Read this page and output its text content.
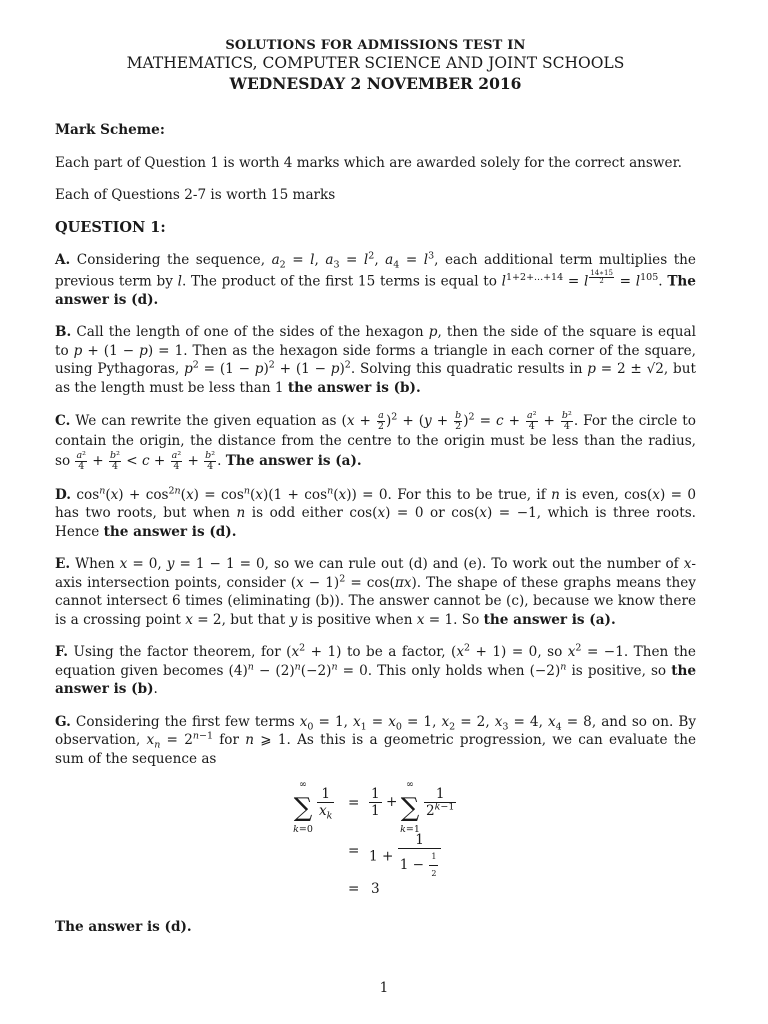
SOLUTIONS FOR ADMISSIONS TEST IN
MATHEMATICS, COMPUTER SCIENCE AND JOINT SCHOOLS
WEDNESDAY 2 NOVEMBER 2016
Mark Scheme:

Each part of Question 1 is worth 4 marks which are awarded solely for the correct answer.

Each of Questions 2-7 is worth 15 marks

QUESTION 1:

A. Considering the sequence, $a_2 = l$, $a_3 = l^2$, $a_4 = l^3$, each additional term multiplies the previous term by l. The product of the first 15 terms is equal to $l^{1+2+...+14} = l$ $^{\frac{14∗15}{2}} = l^{105}$. The answer is (d).

B. Call the length of one of the sides of the hexagon p, then the side of the square is equal to p + (1 − p) = 1. Then as the hexagon side forms a triangle in each corner of the square, using Pythagoras, $p^2 = (1 - p)^2 + (1 - p)^2$. Solving this quadratic results in p = 2 ± √2, but as the length must be less than 1 the answer is (b).

C. We can rewrite the given equation as $(x + \frac{a}{2} )^2 + (y + \frac{b}{2} )^2 = c + \frac{\text{a²}}{4} + \frac{\text{b²}}{4}$ . For the circle to contain the origin, the distance from the centre to the origin must be less than the radius, so $\frac{\text{a²}}{4} + \frac{\text{b²}}{4} < c + \frac{\text{a²}}{4} + \frac{\text{b²}}{4}$ . The answer is (a).

D. $\cos^n(x) + \cos^{2n}(x) = \cos^n(x)(1 + \cos^n(x)) = 0$. For this to be true, if n is even, cos(x) = 0 has two roots, but when n is odd either cos(x) = 0 or cos(x) = −1, which is three roots. Hence the answer is (d).

E. When x = 0, y = 1 − 1 = 0, so we can rule out (d) and (e). To work out the number of x-axis intersection points, consider $(x - 1)^2 = \cos(\pi x)$. The shape of these graphs means they cannot intersect 6 times (eliminating (b)). The answer cannot be (c), because we know there is a crossing point x = 2, but that y is positive when x = 1. So the answer is (a).

F. Using the factor theorem, for $(x^2 + 1)$ to be a factor, $(x^2 + 1) = 0$, so $x^2 = -1$. Then the equation given becomes $(4)^n - (2)^n(-2)^n = 0$. This only holds when $(-2)^n$ is positive, so the answer is (b).

G. Considering the first few terms $x_0 = 1$, $x_1 = x_0 = 1$, $x_2 = 2$, $x_3 = 4$, $x_4 = 8$, and so on. By observation, $x_n = 2^{n-1}$ for n ⩾ 1. As this is a geometric progression, we can evaluate the sum of the sequence as

∞
∑
k=0
$\frac{1}{x_k} = \frac{1}{1}$ +
∞
∑
k=1
$\frac{1}{2^{k-1}}$
= $1 + \frac{1}{1 - \frac{1}{2}}$
= 3

The answer is (d).

1
